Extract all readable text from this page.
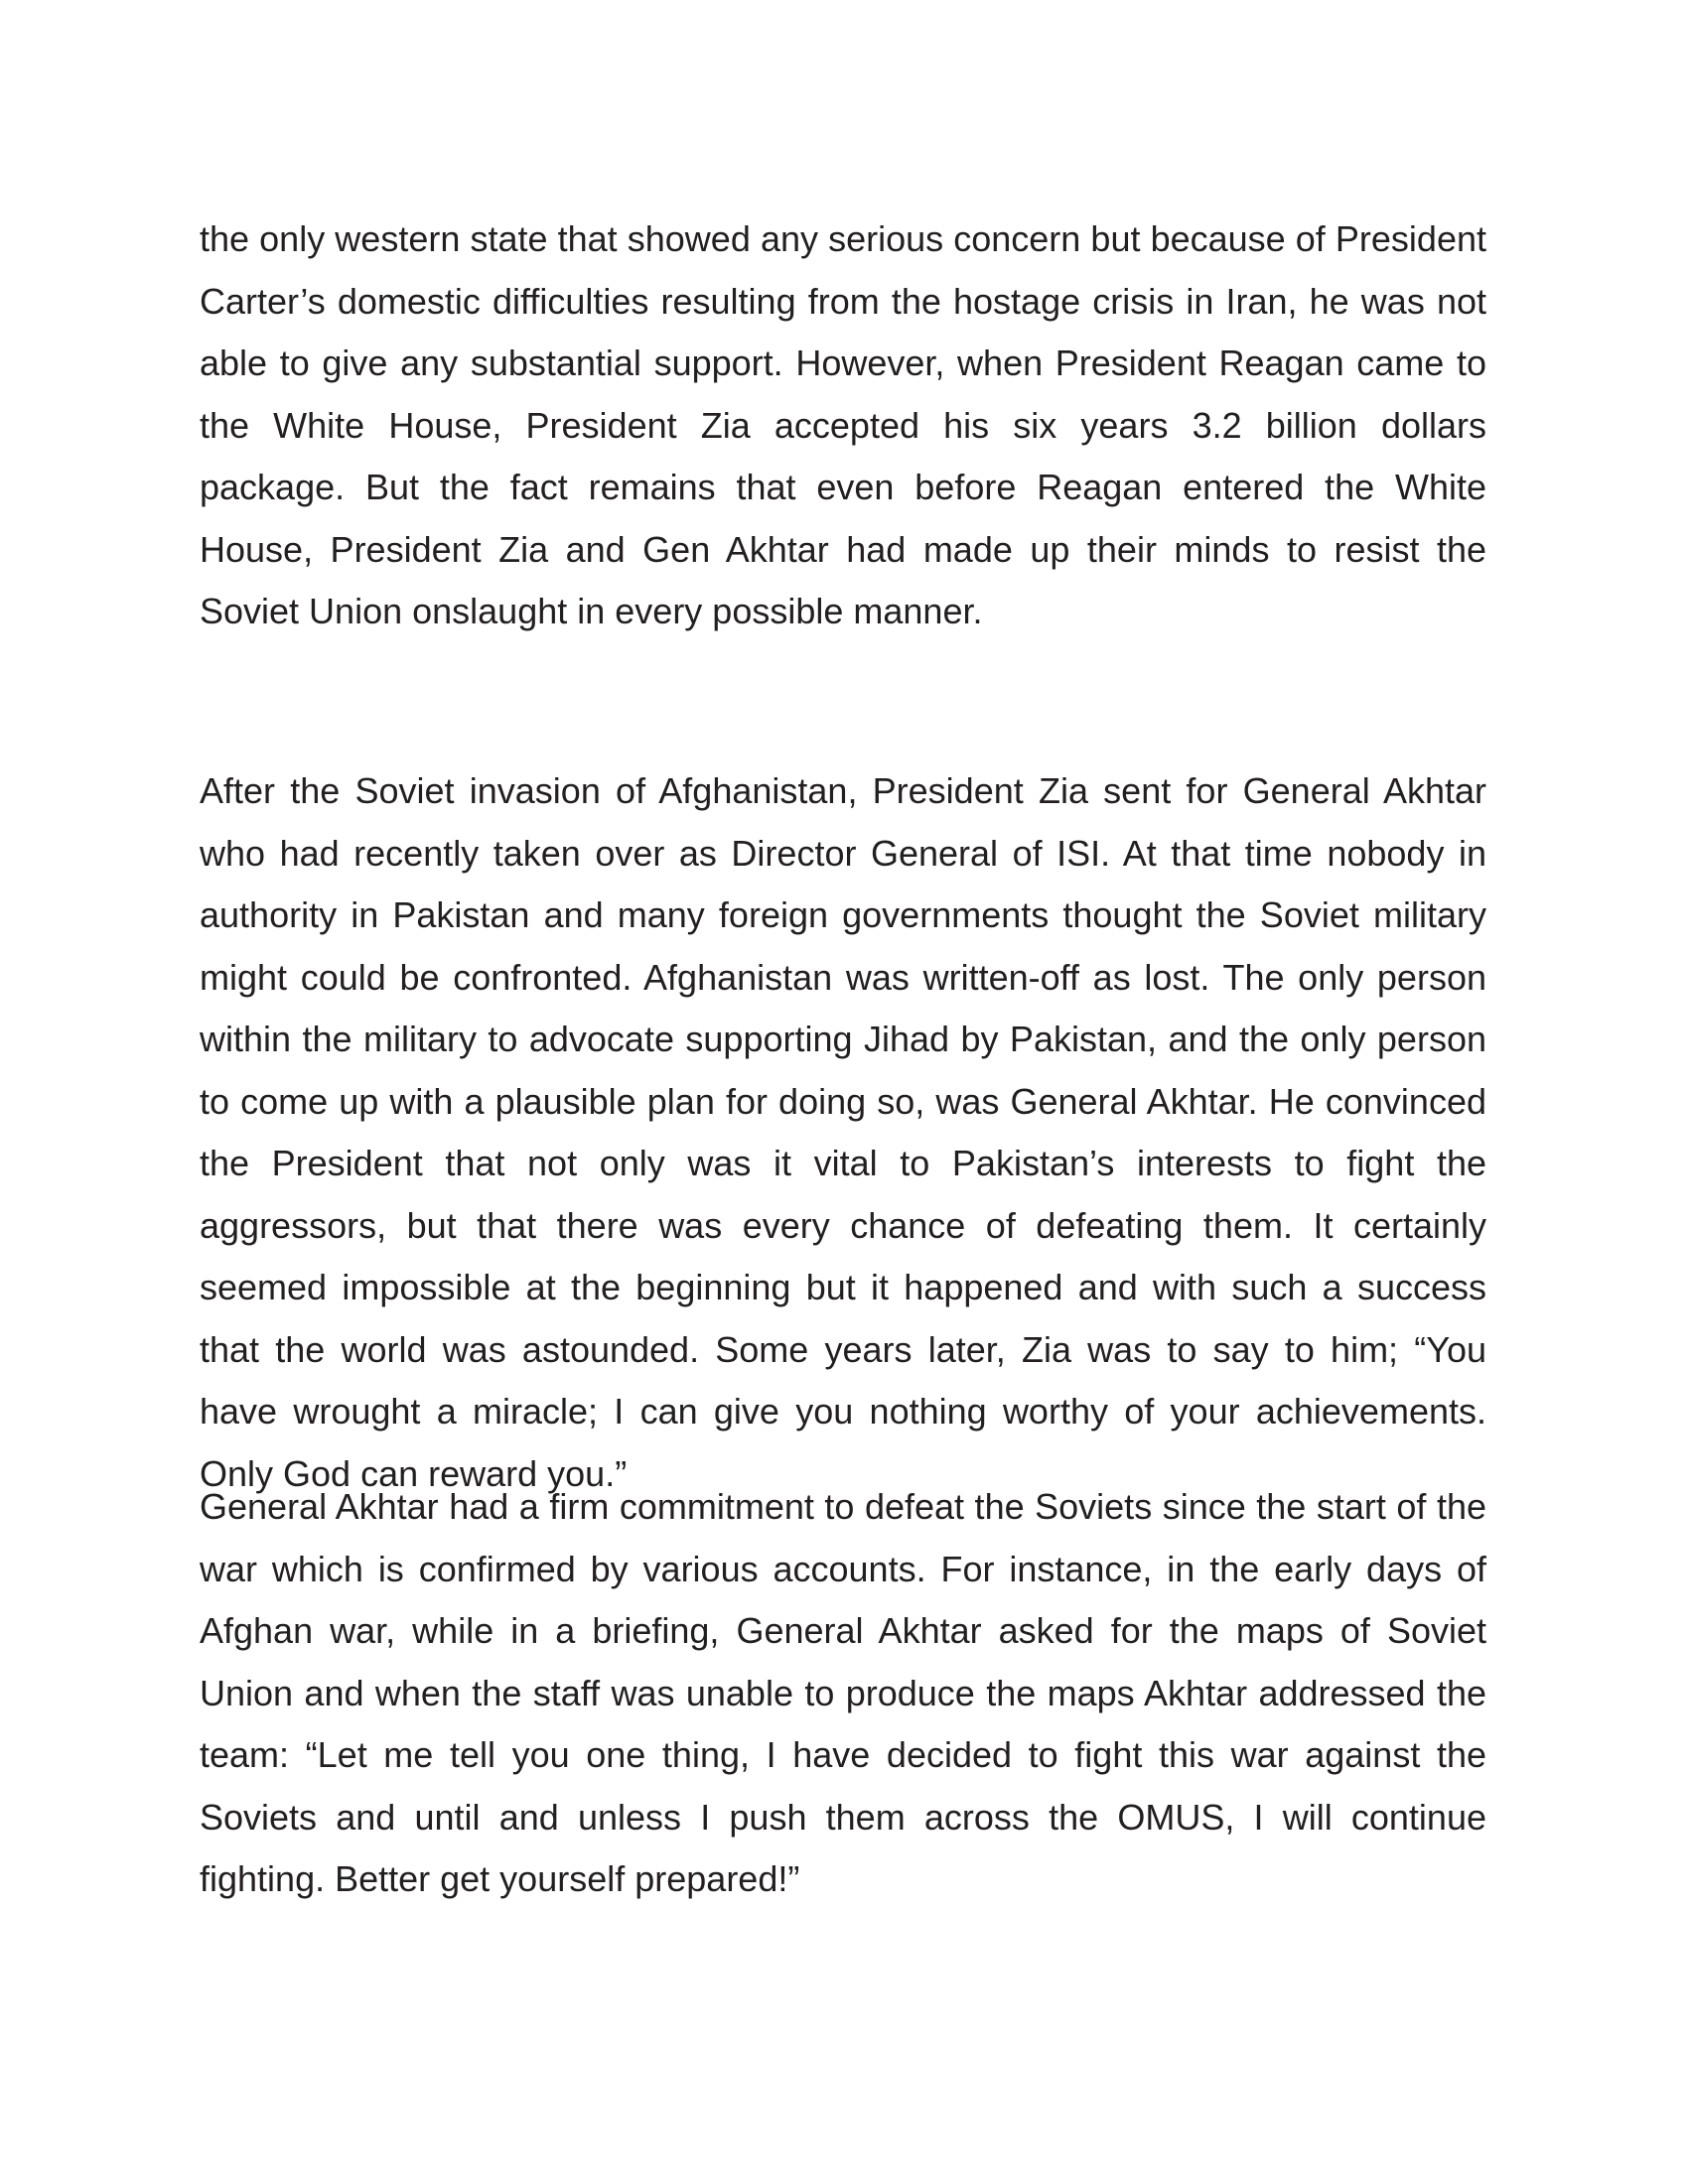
the only western state that showed any serious concern but because of President Carter’s domestic difficulties resulting from the hostage crisis in Iran, he was not able to give any substantial support. However, when President Reagan came to the White House, President Zia accepted his six years 3.2 billion dollars package. But the fact remains that even before Reagan entered the White House, President Zia and Gen Akhtar had made up their minds to resist the Soviet Union onslaught in every possible manner.

After the Soviet invasion of Afghanistan, President Zia sent for General Akhtar who had recently taken over as Director General of ISI. At that time nobody in authority in Pakistan and many foreign governments thought the Soviet military might could be confronted. Afghanistan was written-off as lost. The only person within the military to advocate supporting Jihad by Pakistan, and the only person to come up with a plausible plan for doing so, was General Akhtar. He convinced the President that not only was it vital to Pakistan’s interests to fight the aggressors, but that there was every chance of defeating them. It certainly seemed impossible at the beginning but it happened and with such a success that the world was astounded. Some years later, Zia was to say to him; “You have wrought a miracle; I can give you nothing worthy of your achievements. Only God can reward you.”

General Akhtar had a firm commitment to defeat the Soviets since the start of the war which is confirmed by various accounts. For instance, in the early days of Afghan war, while in a briefing, General Akhtar asked for the maps of Soviet Union and when the staff was unable to produce the maps Akhtar addressed the team: “Let me tell you one thing, I have decided to fight this war against the Soviets and until and unless I push them across the OMUS, I will continue fighting. Better get yourself prepared!”
